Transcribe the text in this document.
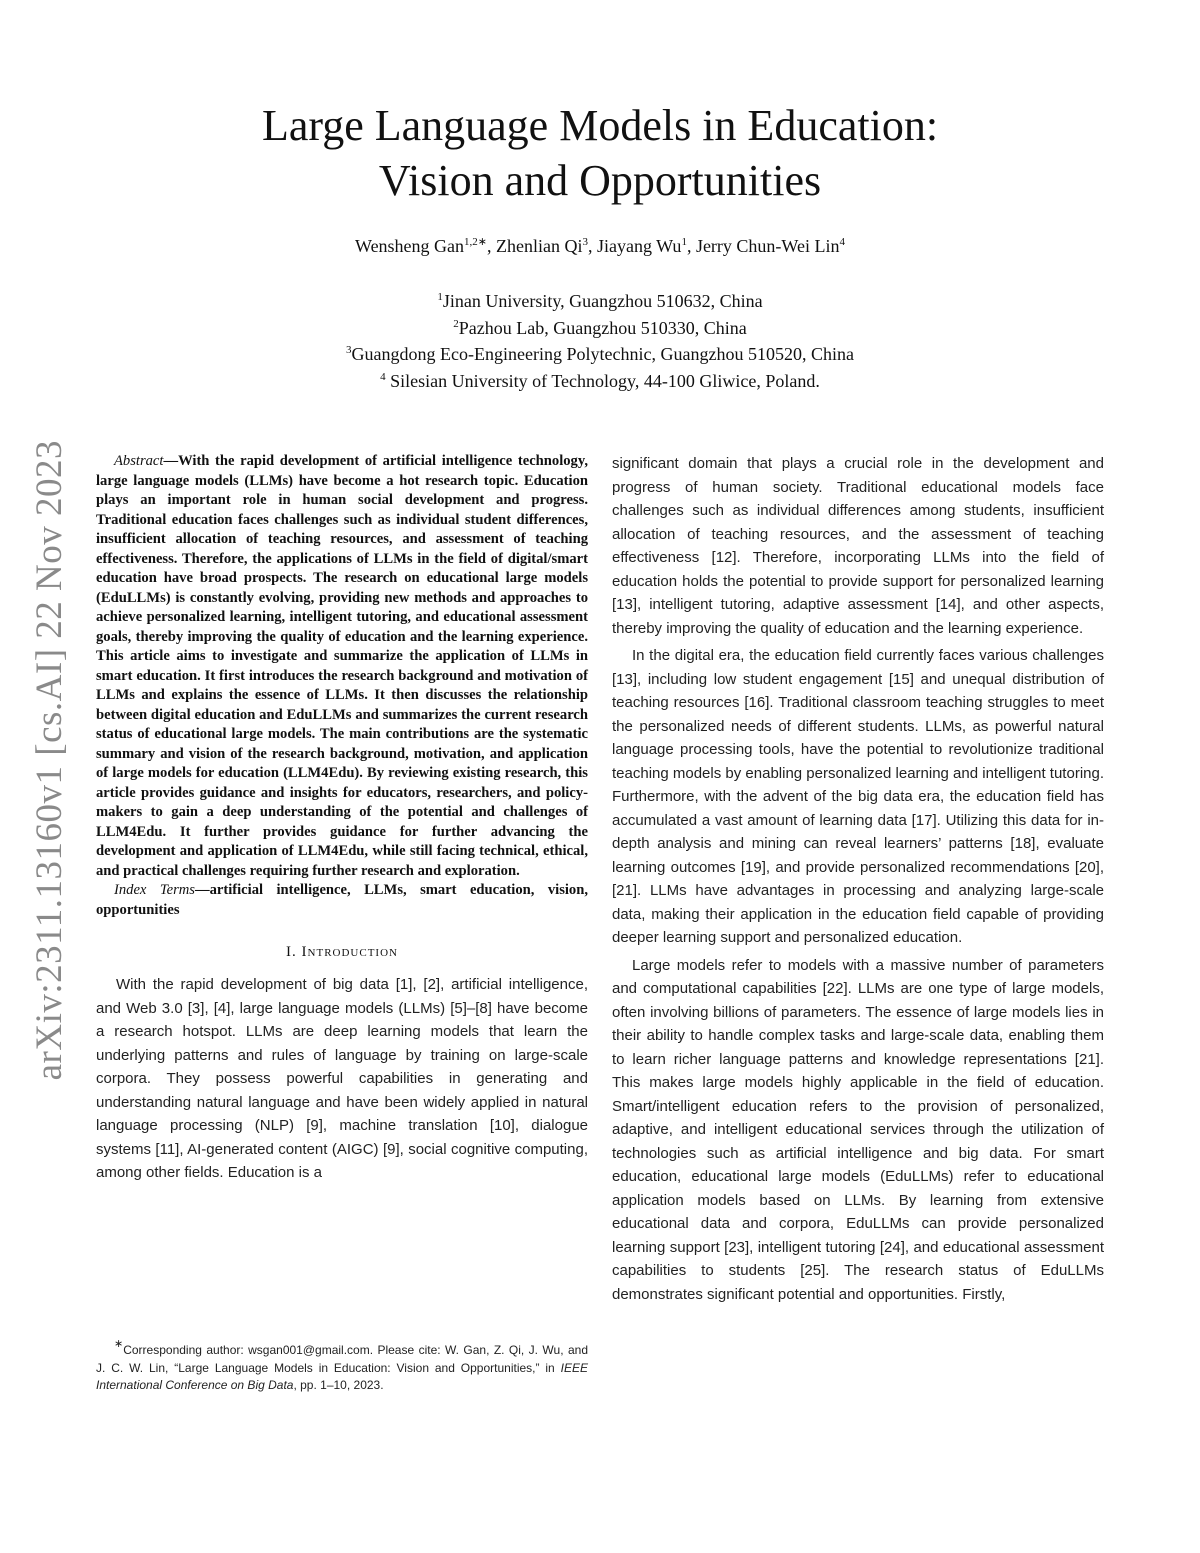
arXiv:2311.13160v1 [cs.AI] 22 Nov 2023
Large Language Models in Education:
Vision and Opportunities
Wensheng Gan$^{1,2∗}$, Zhenlian Qi$^3$, Jiayang Wu$^1$, Jerry Chun-Wei Lin$^4$
$^1$Jinan University, Guangzhou 510632, China
$^2$Pazhou Lab, Guangzhou 510330, China
$^3$Guangdong Eco-Engineering Polytechnic, Guangzhou 510520, China
$^4$ Silesian University of Technology, 44-100 Gliwice, Poland.

Abstract—With the rapid development of artificial intelligence technology, large language models (LLMs) have become a hot research topic. Education plays an important role in human social development and progress. Traditional education faces challenges such as individual student differences, insufficient allocation of teaching resources, and assessment of teaching effectiveness. Therefore, the applications of LLMs in the field of digital/smart education have broad prospects. The research on educational large models (EduLLMs) is constantly evolving, providing new methods and approaches to achieve personalized learning, intelligent tutoring, and educational assessment goals, thereby improving the quality of education and the learning experience. This article aims to investigate and summarize the application of LLMs in smart education. It first introduces the research background and motivation of LLMs and explains the essence of LLMs. It then discusses the relationship between digital education and EduLLMs and summarizes the current research status of educational large models. The main contributions are the systematic summary and vision of the research background, motivation, and application of large models for education (LLM4Edu). By reviewing existing research, this article provides guidance and insights for educators, researchers, and policy-makers to gain a deep understanding of the potential and challenges of LLM4Edu. It further provides guidance for further advancing the development and application of LLM4Edu, while still facing technical, ethical, and practical challenges requiring further research and exploration.

Index Terms—artificial intelligence, LLMs, smart education, vision, opportunities

I. Introduction

With the rapid development of big data [1], [2], artificial intelligence, and Web 3.0 [3], [4], large language models (LLMs) [5]–[8] have become a research hotspot. LLMs are deep learning models that learn the underlying patterns and rules of language by training on large-scale corpora. They possess powerful capabilities in generating and understanding natural language and have been widely applied in natural language processing (NLP) [9], machine translation [10], dialogue systems [11], AI-generated content (AIGC) [9], social cognitive computing, among other fields. Education is a

significant domain that plays a crucial role in the development and progress of human society. Traditional educational models face challenges such as individual differences among students, insufficient allocation of teaching resources, and the assessment of teaching effectiveness [12]. Therefore, incorporating LLMs into the field of education holds the potential to provide support for personalized learning [13], intelligent tutoring, adaptive assessment [14], and other aspects, thereby improving the quality of education and the learning experience.

In the digital era, the education field currently faces various challenges [13], including low student engagement [15] and unequal distribution of teaching resources [16]. Traditional classroom teaching struggles to meet the personalized needs of different students. LLMs, as powerful natural language processing tools, have the potential to revolutionize traditional teaching models by enabling personalized learning and intelligent tutoring. Furthermore, with the advent of the big data era, the education field has accumulated a vast amount of learning data [17]. Utilizing this data for in-depth analysis and mining can reveal learners’ patterns [18], evaluate learning outcomes [19], and provide personalized recommendations [20], [21]. LLMs have advantages in processing and analyzing large-scale data, making their application in the education field capable of providing deeper learning support and personalized education.

Large models refer to models with a massive number of parameters and computational capabilities [22]. LLMs are one type of large models, often involving billions of parameters. The essence of large models lies in their ability to handle complex tasks and large-scale data, enabling them to learn richer language patterns and knowledge representations [21]. This makes large models highly applicable in the field of education. Smart/intelligent education refers to the provision of personalized, adaptive, and intelligent educational services through the utilization of technologies such as artificial intelligence and big data. For smart education, educational large models (EduLLMs) refer to educational application models based on LLMs. By learning from extensive educational data and corpora, EduLLMs can provide personalized learning support [23], intelligent tutoring [24], and educational assessment capabilities to students [25]. The research status of EduLLMs demonstrates significant potential and opportunities. Firstly,

∗Corresponding author: wsgan001@gmail.com. Please cite: W. Gan, Z. Qi, J. Wu, and J. C. W. Lin, “Large Language Models in Education: Vision and Opportunities,” in IEEE International Conference on Big Data, pp. 1–10, 2023.
